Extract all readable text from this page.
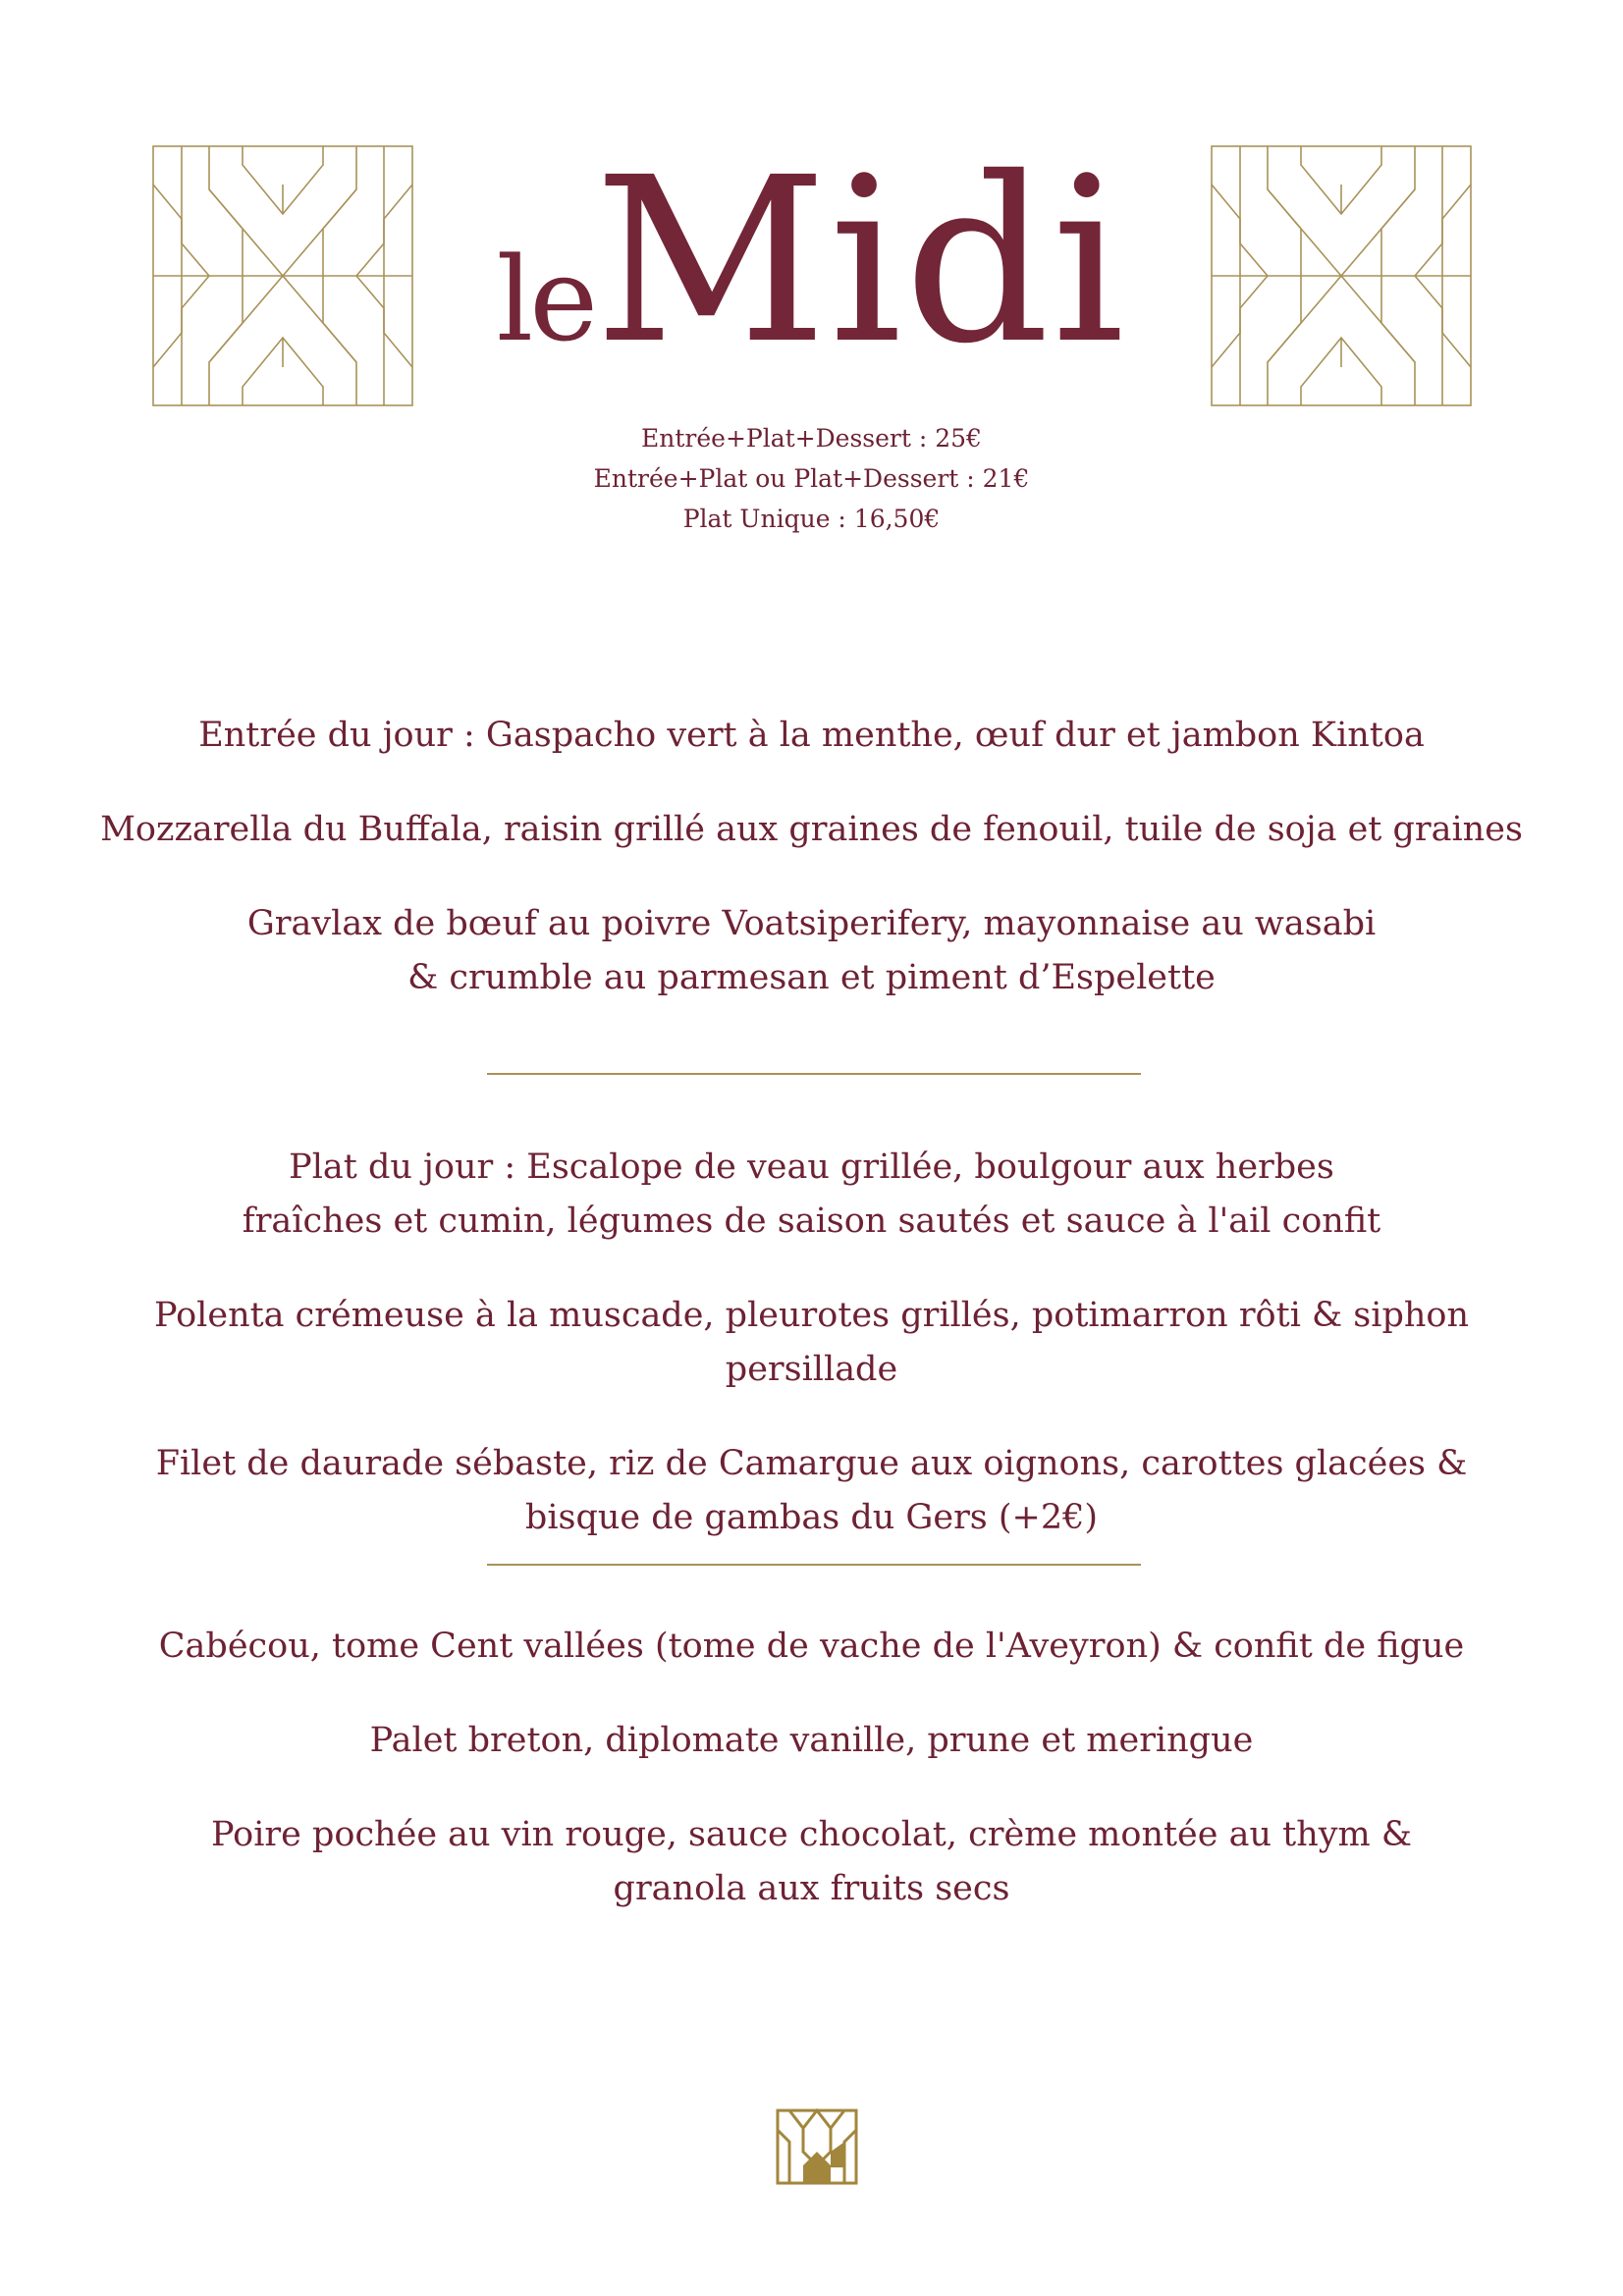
leMidi

Entrée+Plat+Dessert : 25€

Entrée+Plat ou Plat+Dessert : 21€

Plat Unique : 16,50€

Entrée du jour : Gaspacho vert à la menthe, œuf dur et jambon Kintoa

Mozzarella du Buffala, raisin grillé aux graines de fenouil, tuile de soja et graines

Gravlax de bœuf au poivre Voatsiperifery, mayonnaise au wasabi & crumble au parmesan et piment d’Espelette

Plat du jour : Escalope de veau grillée, boulgour aux herbes fraîches et cumin, légumes de saison sautés et sauce à l'ail confit

Polenta crémeuse à la muscade, pleurotes grillés, potimarron rôti & siphon persillade

Filet de daurade sébaste, riz de Camargue aux oignons, carottes glacées & bisque de gambas du Gers (+2€)

Cabécou, tome Cent vallées (tome de vache de l'Aveyron) & confit de figue

Palet breton, diplomate vanille, prune et meringue

Poire pochée au vin rouge, sauce chocolat, crème montée au thym & granola aux fruits secs
